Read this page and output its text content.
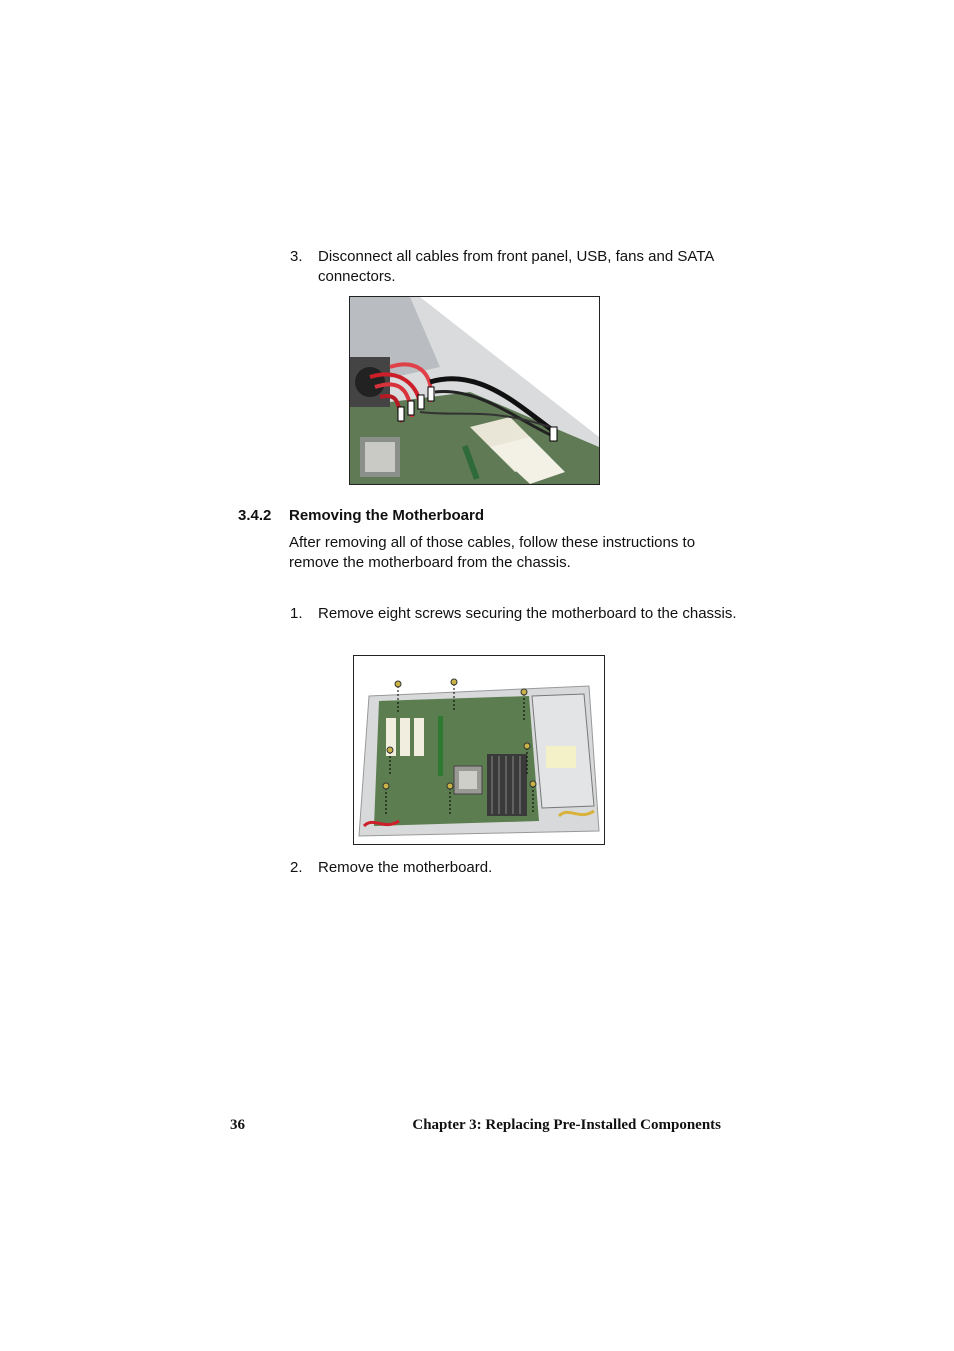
3. Disconnect all cables from front panel, USB, fans and SATA connectors.
3.4.2 Removing the Motherboard
After removing all of those cables, follow these instructions to remove the motherboard from the chassis.
1. Remove eight screws securing the motherboard to the chassis.
2. Remove the motherboard.
36	Chapter 3: Replacing Pre-Installed Components
